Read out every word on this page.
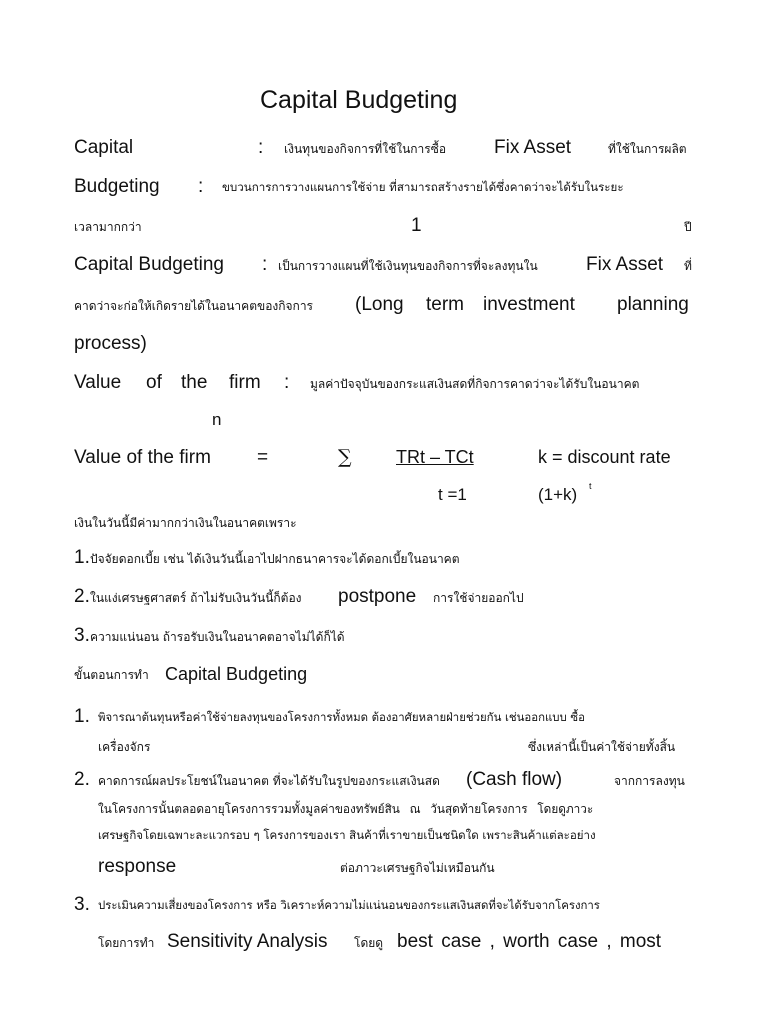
Capital Budgeting
Capital	: เงินทุนของกิจการที่ใช้ในการซื้อ	Fix Asset	ที่ใช้ในการผลิต
Budgeting : ขบวนการการวางแผนการใช้จ่าย ที่สามารถสร้างรายได้ซึ่งคาดว่าจะได้รับในระยะ
เวลามากกว่า	1	ปี
Capital Budgeting : เป็นการวางแผนที่ใช้เงินทุนของกิจการที่จะลงทุนใน	Fix Asset ที่
คาดว่าจะก่อให้เกิดรายได้ในอนาคตของกิจการ (Long term investment planning
process)
Value of the firm : มูลค่าปัจจุบันของกระแสเงินสดที่กิจการคาดว่าจะได้รับในอนาคต
n
Value of the firm =	∑ TRt – TCt	k = discount rate
t =1	(1+k) t
เงินในวันนี้มีค่ามากกว่าเงินในอนาคตเพราะ
1. ปัจจัยดอกเบี้ย เช่น ได้เงินวันนี้เอาไปฝากธนาคารจะได้ดอกเบี้ยในอนาคต
2. ในแง่เศรษฐศาสตร์ ถ้าไม่รับเงินวันนี้ก็ต้อง postpone การใช้จ่ายออกไป
3. ความแน่นอน ถ้ารอรับเงินในอนาคตอาจไม่ได้ก็ได้
ขั้นตอนการทำ Capital Budgeting
1. พิจารณาต้นทุนหรือค่าใช้จ่ายลงทุนของโครงการทั้งหมด ต้องอาศัยหลายฝ่ายช่วยกัน เช่นออกแบบ ซื้อ
เครื่องจักร	ซึ่งเหล่านี้เป็นค่าใช้จ่ายทั้งสิ้น
2. คาดการณ์ผลประโยชน์ในอนาคต ที่จะได้รับในรูปของกระแสเงินสด (Cash flow)	จากการลงทุน
ในโครงการนั้นตลอดอายุโครงการรวมทั้งมูลค่าของทรัพย์สิน ณ วันสุดท้ายโครงการ โดยดูภาวะ
เศรษฐกิจโดยเฉพาะละแวกรอบ ๆ โครงการของเรา สินค้าที่เราขายเป็นชนิดใด เพราะสินค้าแต่ละอย่าง
response	ต่อภาวะเศรษฐกิจไม่เหมือนกัน
3. ประเมินความเสี่ยงของโครงการ หรือ วิเคราะห์ความไม่แน่นอนของกระแสเงินสดที่จะได้รับจากโครงการ
โดยการทำ Sensitivity Analysis โดยดู best case , worth case , most
